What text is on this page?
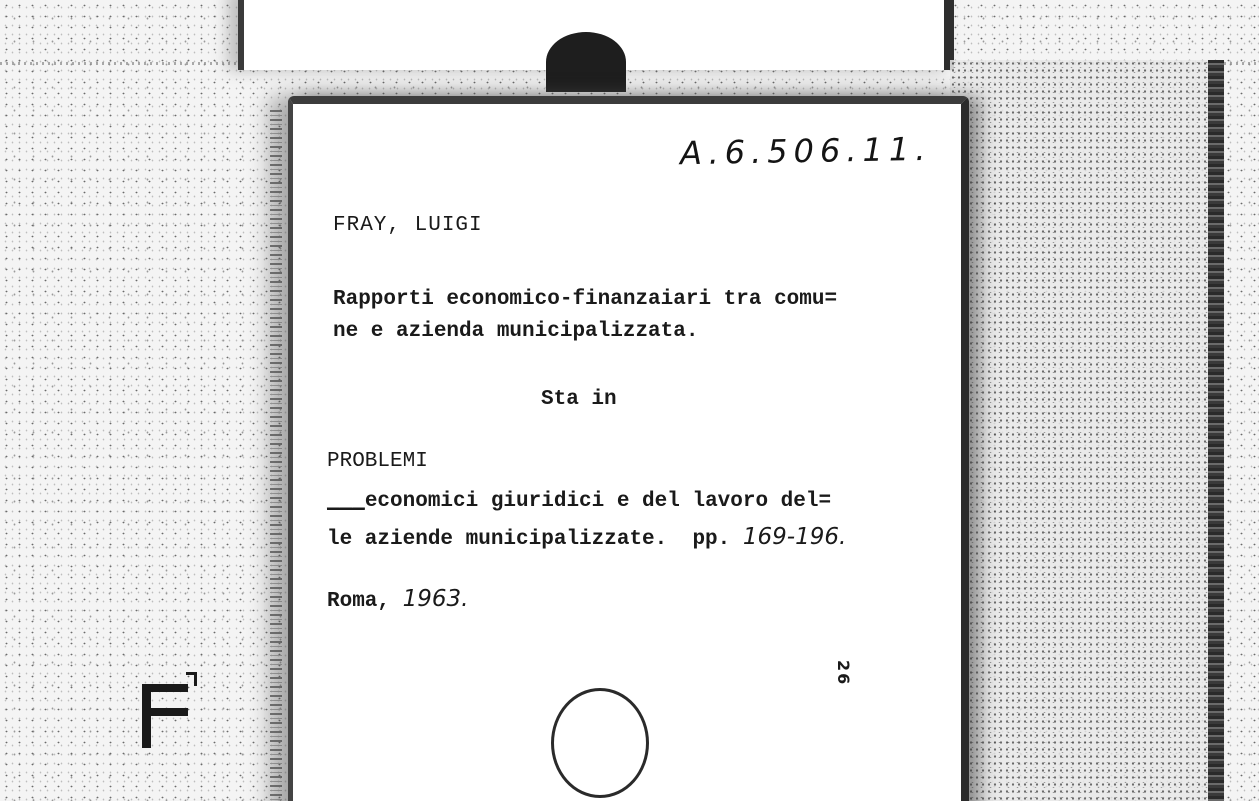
A.6.506.11.
FRAY, LUIGI
Rapporti economico-finanzaiari tra comu=
ne e azienda municipalizzata.
Sta in
PROBLEMI
___economici giuridici e del lavoro del=
le aziende municipalizzate.  pp. 169-196.
Roma, 1963.
26
